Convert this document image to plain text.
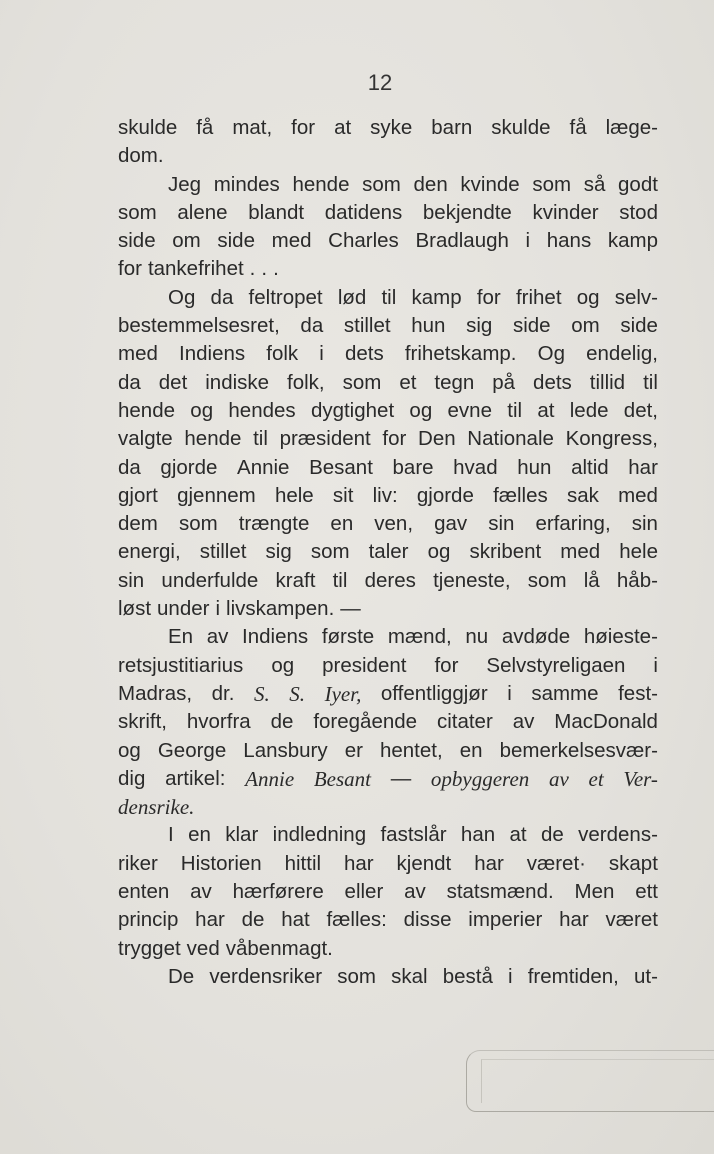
12
skulde få mat, for at syke barn skulde få læge-
dom.
Jeg mindes hende som den kvinde som så godt
som alene blandt datidens bekjendte kvinder stod
side om side med Charles Bradlaugh i hans kamp
for tankefrihet . . .
Og da feltropet lød til kamp for frihet og selv-
bestemmelsesret, da stillet hun sig side om side
med Indiens folk i dets frihetskamp. Og endelig,
da det indiske folk, som et tegn på dets tillid til
hende og hendes dygtighet og evne til at lede det,
valgte hende til præsident for Den Nationale Kongress,
da gjorde Annie Besant bare hvad hun altid har
gjort gjennem hele sit liv: gjorde fælles sak med
dem som trængte en ven, gav sin erfaring, sin
energi, stillet sig som taler og skribent med hele
sin underfulde kraft til deres tjeneste, som lå håb-
løst under i livskampen. —
En av Indiens første mænd, nu avdøde høieste-
retsjustitiarius og president for Selvstyreligaen i
Madras, dr. S. S. Iyer, offentliggjør i samme fest-
skrift, hvorfra de foregående citater av MacDonald
og George Lansbury er hentet, en bemerkelsesvær-
dig artikel: Annie Besant — opbyggeren av et Ver-
densrike.
I en klar indledning fastslår han at de verdens-
riker Historien hittil har kjendt har været· skapt
enten av hærførere eller av statsmænd. Men ett
princip har de hat fælles: disse imperier har været
trygget ved våbenmagt.
De verdensriker som skal bestå i fremtiden, ut-
